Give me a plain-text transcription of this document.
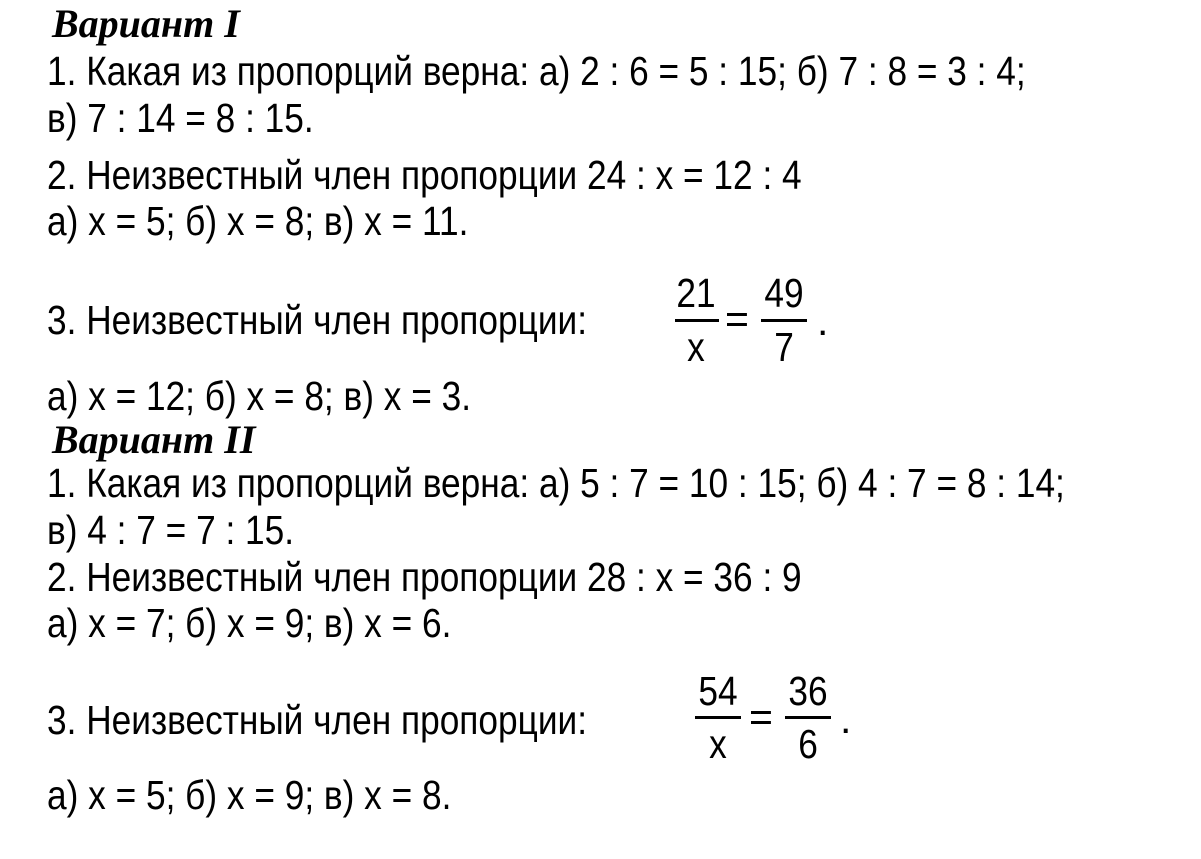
Вариант I
1. Какая из пропорций верна: а) 2 : 6 = 5 : 15; б) 7 : 8 = 3 : 4;
в) 7 : 14 = 8 : 15.
2. Неизвестный член пропорции 24 : х = 12 : 4
а) х = 5; б) х = 8; в) х = 11.
3. Неизвестный член пропорции:
21
х
=
49
7
.
а) х = 12; б) х = 8; в) х = 3.
Вариант II
1. Какая из пропорций верна: а) 5 : 7 = 10 : 15; б) 4 : 7 = 8 : 14;
в) 4 : 7 = 7 : 15.
2. Неизвестный член пропорции 28 : х = 36 : 9
а) х = 7; б) х = 9; в) х = 6.
3. Неизвестный член пропорции:
54
х
=
36
6
.
а) х = 5; б) х = 9; в) х = 8.
